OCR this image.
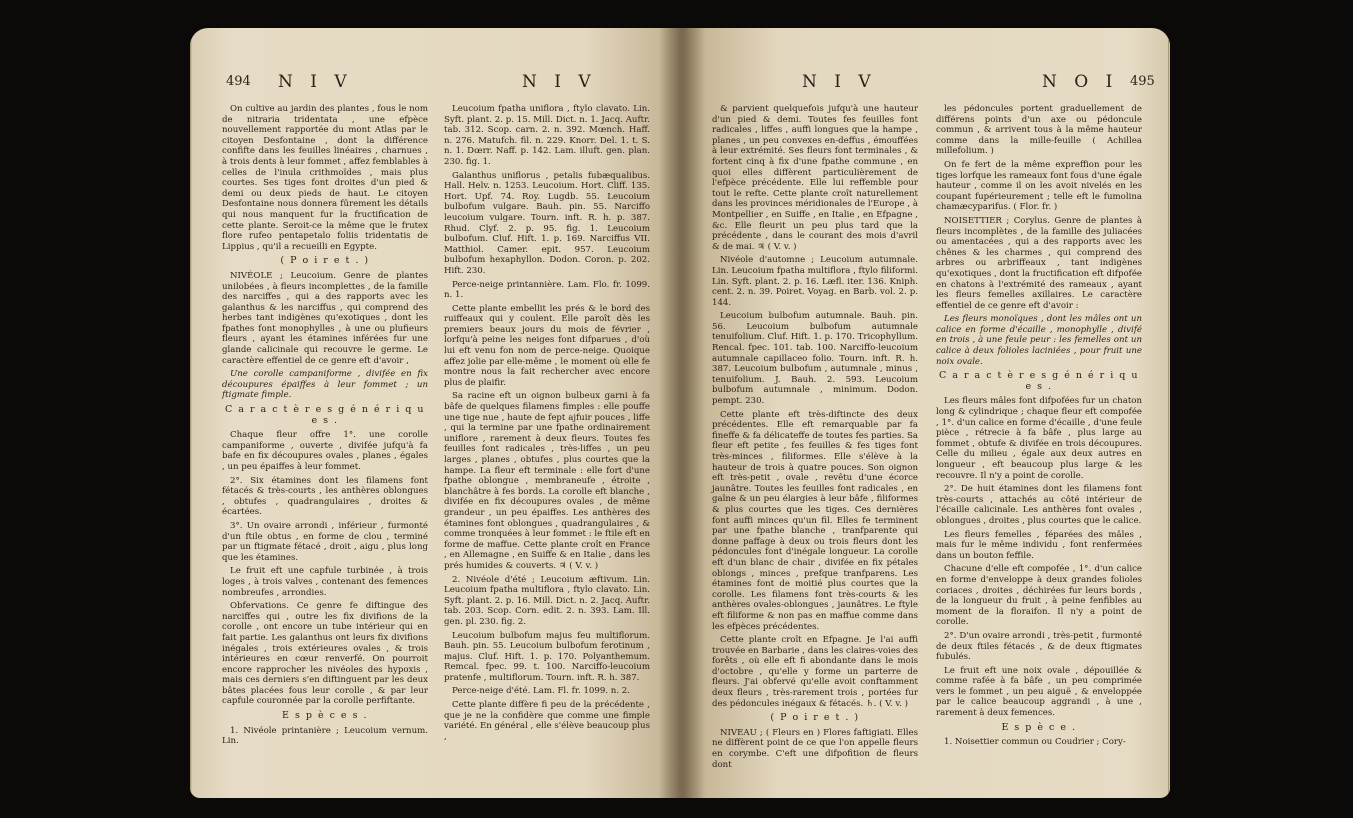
494 N I V	N I V

On cultive au jardin des plantes , fous le nom de nitraria tridentata , une efpèce nouvellement rapportée du mont Atlas par le citoyen Desfontaine , dont la différence confifte dans les feuilles linéaires , charnues , à trois dents à leur fommet , affez femblables à celles de l'inula crithmoïdes , mais plus courtes. Ses tiges font droites d'un pied & demi ou deux pieds de haut. Le citoyen Desfontaine nous donnera fûrement les détails qui nous manquent fur la fructification de cette plante. Seroit-ce la même que le frutex flore rufeo pentapetalo foliis tridentatis de Lippius , qu'il a recueilli en Egypte.

( P o i r e t . )

NIVÉOLE ; Leucoium. Genre de plantes unilobées , à fleurs incomplettes , de la famille des narciffes , qui a des rapports avec les galanthus & les narciffus , qui comprend des herbes tant indigènes qu'exotiques , dont les fpathes font monophylles , à une ou plufieurs fleurs , ayant les étamines inférées fur une glande calicinale qui recouvre le germe. Le caractère effentiel de ce genre eft d'avoir ,

Une corolle campaniforme , divifée en fix découpures épaiffes à leur fommet ; un ftigmate fimple.

C a r a c t è r e s g é n é r i q u e s .

Chaque fleur offre 1°. une corolle campaniforme , ouverte , divifée jufqu'à fa bafe en fix découpures ovales , planes , égales , un peu épaiffes à leur fommet.

2°. Six étamines dont les filamens font fétacés & très-courts , les anthères oblongues , obtufes , quadrangulaires , droites & écartées.

3°. Un ovaire arrondi , inférieur , furmonté d'un ftile obtus , en forme de clou , terminé par un ftigmate fétacé , droit , aigu , plus long que les étamines.

Le fruit eft une capfule turbinée , à trois loges , à trois valves , contenant des femences nombreufes , arrondies.

Obfervations. Ce genre fe diftingue des narciffes qui , outre les fix divifions de la corolle , ont encore un tube intérieur qui en fait partie. Les galanthus ont leurs fix divifions inégales , trois extérieures ovales , & trois intérieures en cœur renverfé. On pourroit encore rapprocher les nivéoles des hypoxis , mais ces derniers s'en diftinguent par les deux bâtes placées fous leur corolle , & par leur capfule couronnée par la corolle perfiftante.

E s p è c e s .

1. Nivéole printanière ; Leucoium vernum. Lin.

Leucoium fpatha uniflora , ftylo clavato. Lin. Syft. plant. 2. p. 15. Mill. Dict. n. 1. Jacq. Auftr. tab. 312. Scop. carn. 2. n. 392. Mœnch. Haff. n. 276. Matufch. fil. n. 229. Knorr. Del. 1. t. S. n. 1. Dœrr. Naff. p. 142. Lam. illuft. gen. plan. 230. fig. 1.

Galanthus uniflorus , petalis fubæqualibus. Hall. Helv. n. 1253. Leucoium. Hort. Cliff. 135. Hort. Upf. 74. Roy. Lugdb. 55. Leucoium bulbofum vulgare. Bauh. pin. 55. Narciffo leucoium vulgare. Tourn. inft. R. h. p. 387. Rhud. Clyf. 2. p. 95. fig. 1. Leucoium bulbofum. Cluf. Hift. 1. p. 169. Narciffus VII. Matthiol. Camer. epit. 957. Leucoium bulbofum hexaphyllon. Dodon. Coron. p. 202. Hift. 230.

Perce-neige printannière. Lam. Flo. fr. 1099. n. 1.

Cette plante embellit les prés & le bord des ruiffeaux qui y coulent. Elle paroît dès les premiers beaux jours du mois de février , lorfqu'à peine les neiges font difparues , d'où lui eft venu fon nom de perce-neige. Quoique affez jolie par elle-même , le moment où elle fe montre nous la fait rechercher avec encore plus de plaifir.

Sa racine eft un oignon bulbeux garni à fa bâfe de quelques filamens fimples : elle pouffe une tige nue , haute de fept ajfuir pouces , liffe , qui la termine par une fpathe ordinairement uniflore , rarement à deux fleurs. Toutes fes feuilles font radicales , très-liffes , un peu larges , planes , obtufes , plus courtes que la hampe. La fleur eft terminale : elle fort d'une fpathe oblongue , membraneufe , étroite , blanchâtre à fes bords. La corolle eft blanche , divifée en fix découpures ovales , de même grandeur , un peu épaiffes. Les anthères des étamines font oblongues , quadrangulaires , & comme tronquées à leur fommet : le ftile eft en forme de maffue. Cette plante croît en France , en Allemagne , en Suiffe & en Italie , dans les prés humides & couverts. ♃ ( V. v. )

2. Nivéole d'été ; Leucoium æftivum. Lin. Leucoium fpatha multiflora , ftylo clavato. Lin. Syft. plant. 2. p. 16. Mill. Dict. n. 2. Jacq. Auftr. tab. 203. Scop. Corn. edit. 2. n. 393. Lam. Ill. gen. pl. 230. fig. 2.

Leucoium bulbofum majus feu multiflorum. Bauh. pin. 55. Leucoium bulbofum ferotinum , majus. Cluf. Hift. 1. p. 170. Polyanthemum. Remcal. fpec. 99. t. 100. Narciffo-leucoium pratenfe , multiflorum. Tourn. inft. R. h. 387.

Perce-neige d'été. Lam. Fl. fr. 1099. n. 2.

Cette plante diffère fi peu de la précédente , que je ne la confidère que comme une fimple variété. En général , elle s'élève beaucoup plus ,

N I V	N O I 495

& parvient quelquefois jufqu'à une hauteur d'un pied & demi. Toutes fes feuilles font radicales , liffes , auffi longues que la hampe , planes , un peu convexes en-deffus , émouffées à leur extrémité. Ses fleurs font terminales , & fortent cinq à fix d'une fpathe commune , en quoi elles diffèrent particulièrement de l'efpèce précédente. Elle lui reffemble pour tout le refte. Cette plante croît naturellement dans les provinces méridionales de l'Europe , à Montpellier , en Suiffe , en Italie , en Efpagne , &c. Elle fleurit un peu plus tard que la précédente , dans le courant des mois d'avril & de mai. ♃ ( V. v. )

Nivéole d'automne ; Leucoium autumnale. Lin. Leucoium fpatha multiflora , ftylo filiformi. Lin. Syft. plant. 2. p. 16. Læfl. iter. 136. Kniph. cent. 2. n. 39. Poiret. Voyag. en Barb. vol. 2. p. 144.

Leucoium bulbofum autumnale. Bauh. pin. 56. Leucoium bulbofum autumnale tenuifolium. Cluf. Hift. 1. p. 170. Tricophyllum. Rencal. fpec. 101. tab. 100. Narciffo-leucoium autumnale capillaceo folio. Tourn. inft. R. h. 387. Leucoium bulbofum , autumnale , minus , tenuifolium. J. Bauh. 2. 593. Leucoium bulbofum autumnale , minimum. Dodon. pempt. 230.

Cette plante eft très-diftincte des deux précédentes. Elle eft remarquable par fa fineffe & fa délicateffe de toutes fes parties. Sa fleur eft petite , fes feuilles & fes tiges font très-minces , filiformes. Elle s'élève à la hauteur de trois à quatre pouces. Son oignon eft très-petit , ovale , revêtu d'une écorce jaunâtre. Toutes les feuilles font radicales , en gaîne & un peu élargies à leur bâfe , filiformes & plus courtes que les tiges. Ces dernières font auffi minces qu'un fil. Elles fe terminent par une fpathe blanche , tranfparente qui donne paffage à deux ou trois fleurs dont les pédoncules font d'inégale longueur. La corolle eft d'un blanc de chair , divifée en fix pétales oblongs , minces , prefque tranfparens. Les étamines font de moitié plus courtes que la corolle. Les filamens font très-courts & les anthères ovales-oblongues , jaunâtres. Le ftyle eft filiforme & non pas en maffue comme dans les efpèces précédentes.

Cette plante croît en Efpagne. Je l'ai auffi trouvée en Barbarie , dans les claires-voies des forêts , où elle eft fi abondante dans le mois d'octobre , qu'elle y forme un parterre de fleurs. J'ai obfervé qu'elle avoit conftamment deux fleurs , très-rarement trois , portées fur des pédoncules inégaux & fétacés. ♄. ( V. v. )

( P o i r e t . )

NIVEAU ; ( Fleurs en ) Flores faftigiati. Elles ne diffèrent point de ce que l'on appelle fleurs en corymbe. C'eft une difpofition de fleurs dont

les pédoncules portent graduellement de différens points d'un axe ou pédoncule commun , & arrivent tous à la même hauteur comme dans la mille-feuille ( Achillea millefolium. )

On fe fert de la même expreffion pour les tiges lorfque les rameaux font fous d'une égale hauteur , comme il on les avoit nivelés en les coupant fupérieurement ; telle eft le fumolina chamæcyparifus. ( Flor. fr. )

NOISETTIER ; Corylus. Genre de plantes à fleurs incomplètes , de la famille des juliacées ou amentacées , qui a des rapports avec les chênes & les charmes , qui comprend des arbres ou arbriffeaux , tant indigènes qu'exotiques , dont la fructification eft difpofée en chatons à l'extrémité des rameaux , ayant les fleurs femelles axillaires. Le caractère effentiel de ce genre eft d'avoir :

Les fleurs monoïques , dont les mâles ont un calice en forme d'écaille , monophylle , divifé en trois , à une feule peur : les femelles ont un calice à deux folioles laciniées , pour fruit une noix ovale.

C a r a c t è r e s g é n é r i q u e s .

Les fleurs mâles font difpofées fur un chaton long & cylindrique ; chaque fleur eft compofée , 1°. d'un calice en forme d'écaille , d'une feule pièce , rétrecie à fa bâfe , plus large au fommet , obtufe & divifée en trois découpures. Celle du milieu , égale aux deux autres en longueur , eft beaucoup plus large & les recouvre. Il n'y a point de corolle.

2°. De huit étamines dont les filamens font très-courts , attachés au côté intérieur de l'écaille calicinale. Les anthères font ovales , oblongues , droites , plus courtes que le calice.

Les fleurs femelles , féparées des mâles , mais fur le même individu , font renfermées dans un bouton feffile.

Chacune d'elle eft compofée , 1°. d'un calice en forme d'enveloppe à deux grandes folioles coriaces , droites , déchirées fur leurs bords , de la longueur du fruit , à peine fenfibles au moment de la floraifon. Il n'y a point de corolle.

2°. D'un ovaire arrondi , très-petit , furmonté de deux ftiles fétacés , & de deux ftigmates fubulés.

Le fruit eft une noix ovale , dépouillée & comme rafée à fa bâfe , un peu comprimée vers le fommet , un peu aiguë , & enveloppée par le calice beaucoup aggrandi , à une , rarement à deux femences.

E s p è c e .

1. Noisettier commun ou Coudrier ; Cory-
